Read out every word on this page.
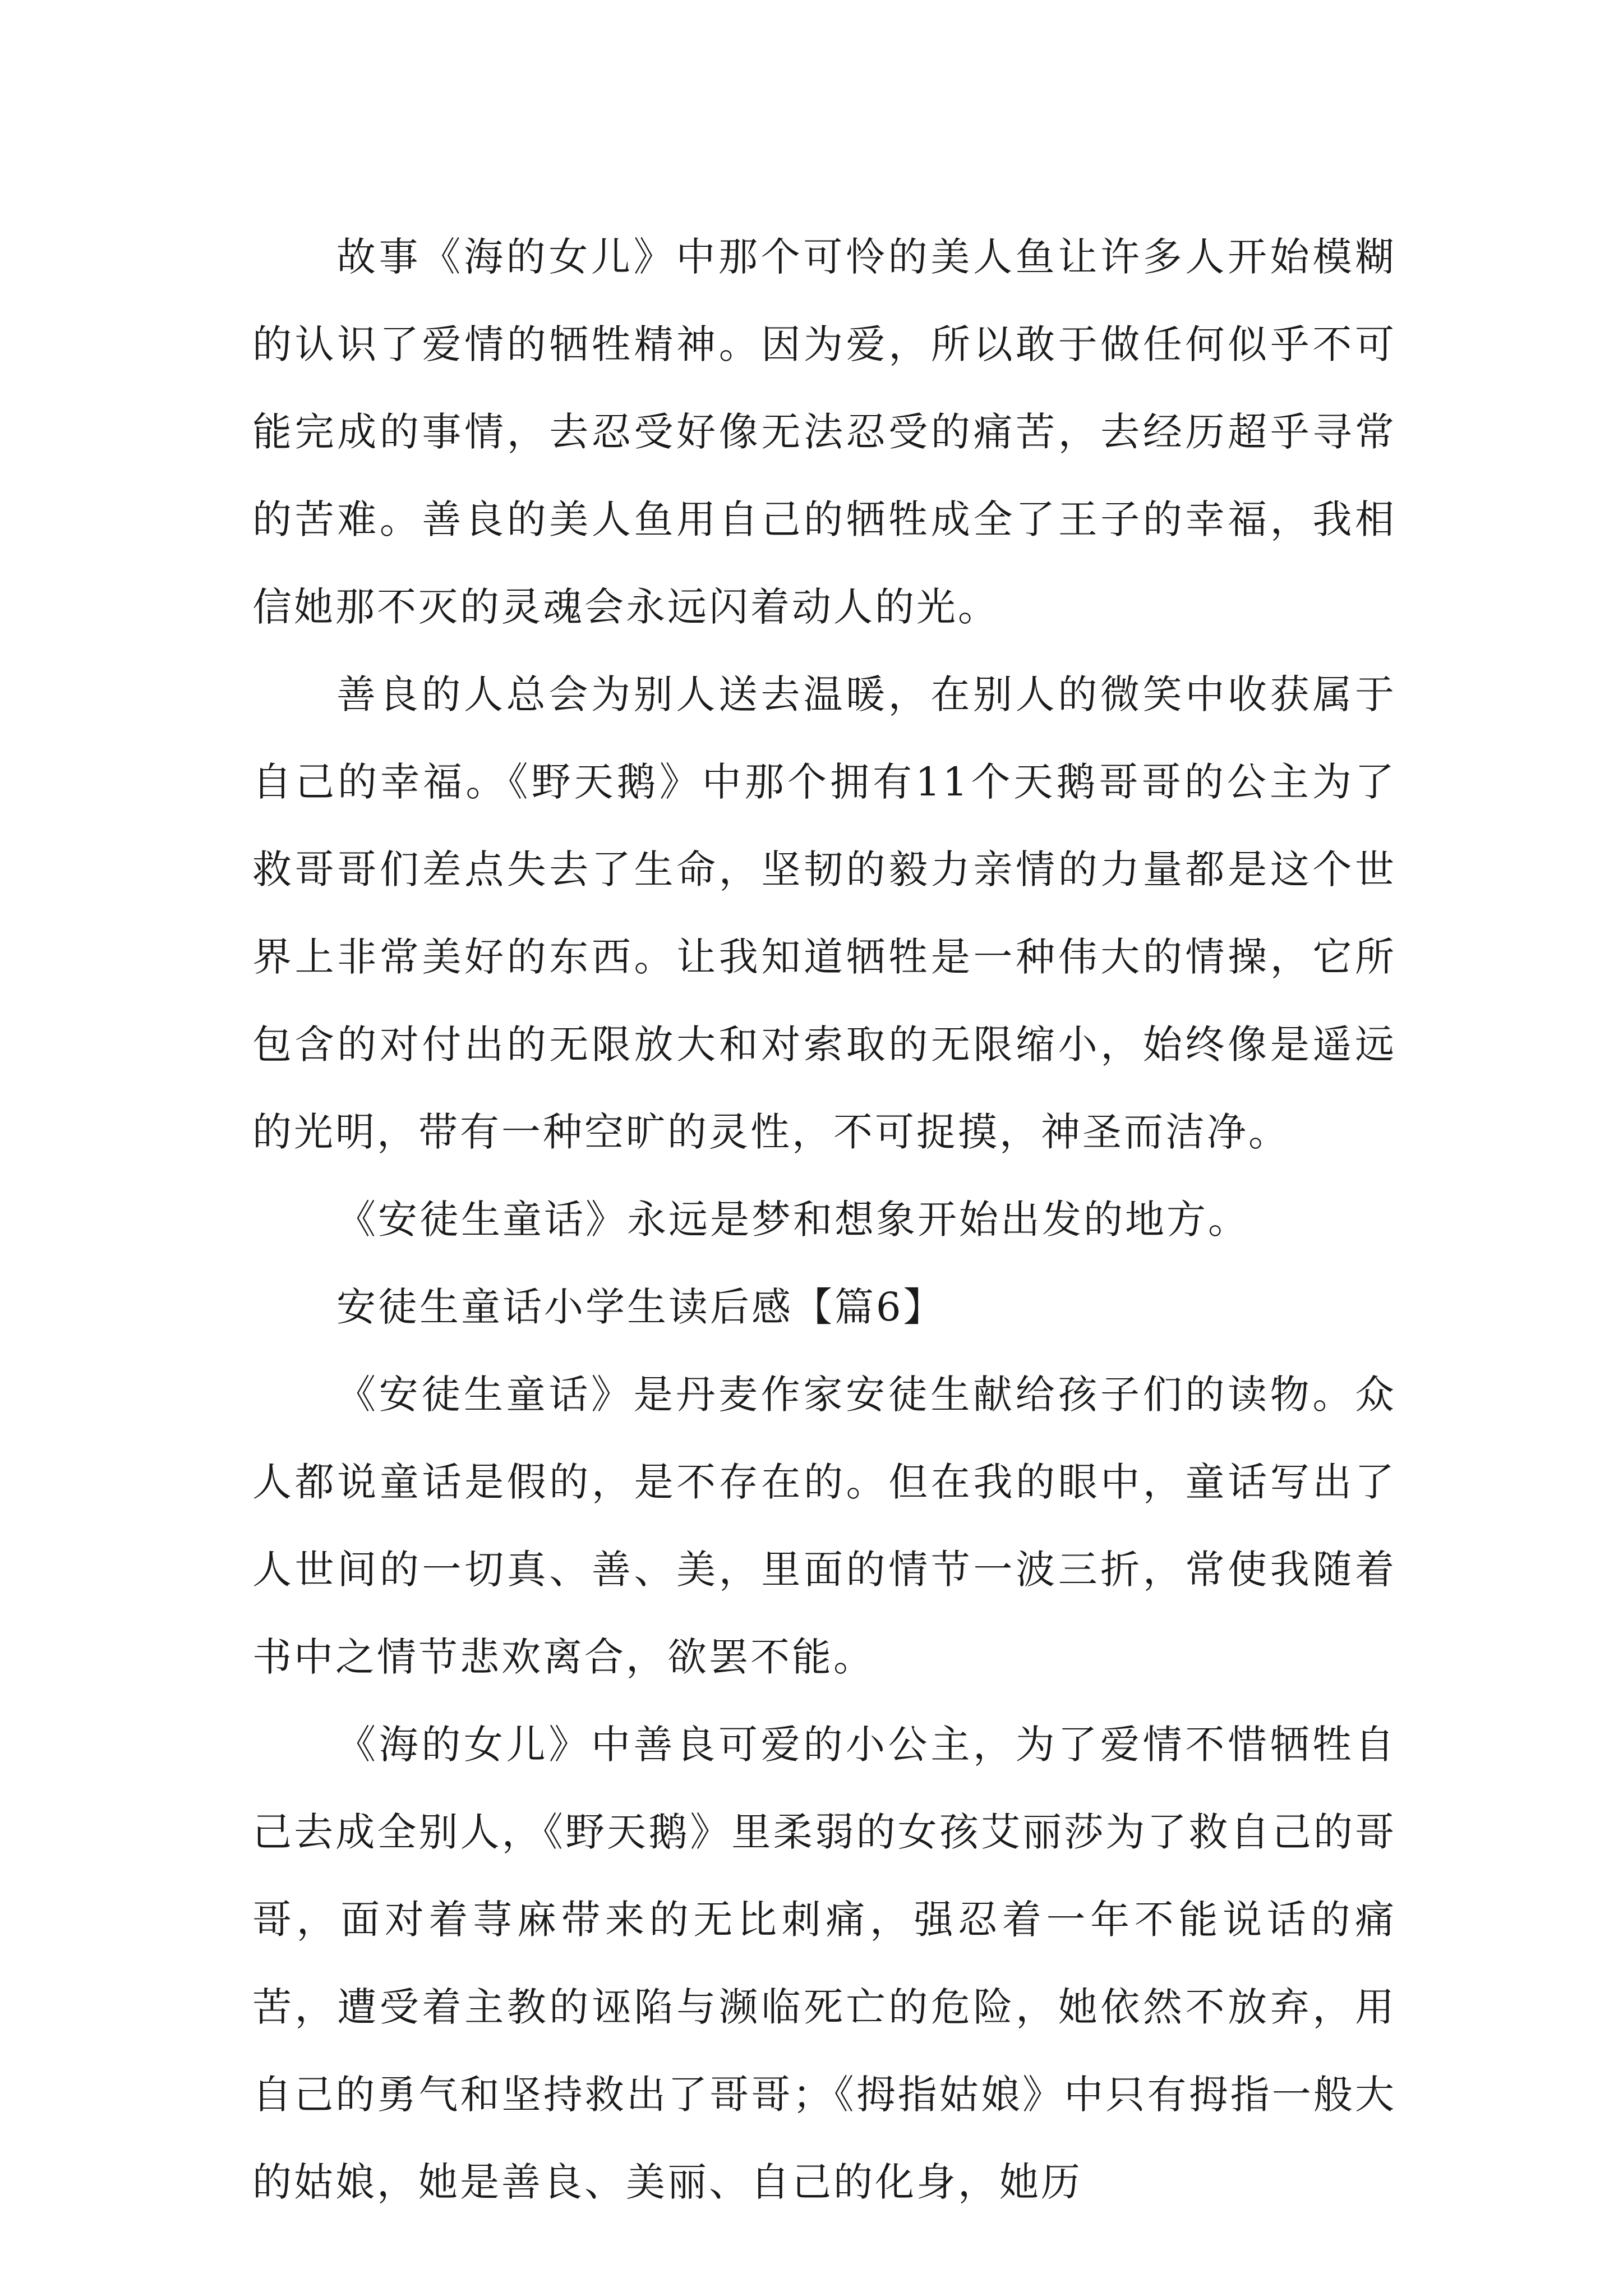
故事《海的女儿》中那个可怜的美人鱼让许多人开始模糊的认识了爱情的牺牲精神。因为爱，所以敢于做任何似乎不可能完成的事情，去忍受好像无法忍受的痛苦，去经历超乎寻常的苦难。善良的美人鱼用自己的牺牲成全了王子的幸福，我相信她那不灭的灵魂会永远闪着动人的光。

善良的人总会为别人送去温暖，在别人的微笑中收获属于自己的幸福。《野天鹅》中那个拥有11个天鹅哥哥的公主为了救哥哥们差点失去了生命，坚韧的毅力亲情的力量都是这个世界上非常美好的东西。让我知道牺牲是一种伟大的情操，它所包含的对付出的无限放大和对索取的无限缩小，始终像是遥远的光明，带有一种空旷的灵性，不可捉摸，神圣而洁净。

《安徒生童话》永远是梦和想象开始出发的地方。

安徒生童话小学生读后感【篇6】

《安徒生童话》是丹麦作家安徒生献给孩子们的读物。众人都说童话是假的，是不存在的。但在我的眼中，童话写出了人世间的一切真、善、美，里面的情节一波三折，常使我随着书中之情节悲欢离合，欲罢不能。

《海的女儿》中善良可爱的小公主，为了爱情不惜牺牲自己去成全别人，《野天鹅》里柔弱的女孩艾丽莎为了救自己的哥哥，面对着荨麻带来的无比刺痛，强忍着一年不能说话的痛苦，遭受着主教的诬陷与濒临死亡的危险，她依然不放弃，用自己的勇气和坚持救出了哥哥；《拇指姑娘》中只有拇指一般大的姑娘，她是善良、美丽、自己的化身，她历
